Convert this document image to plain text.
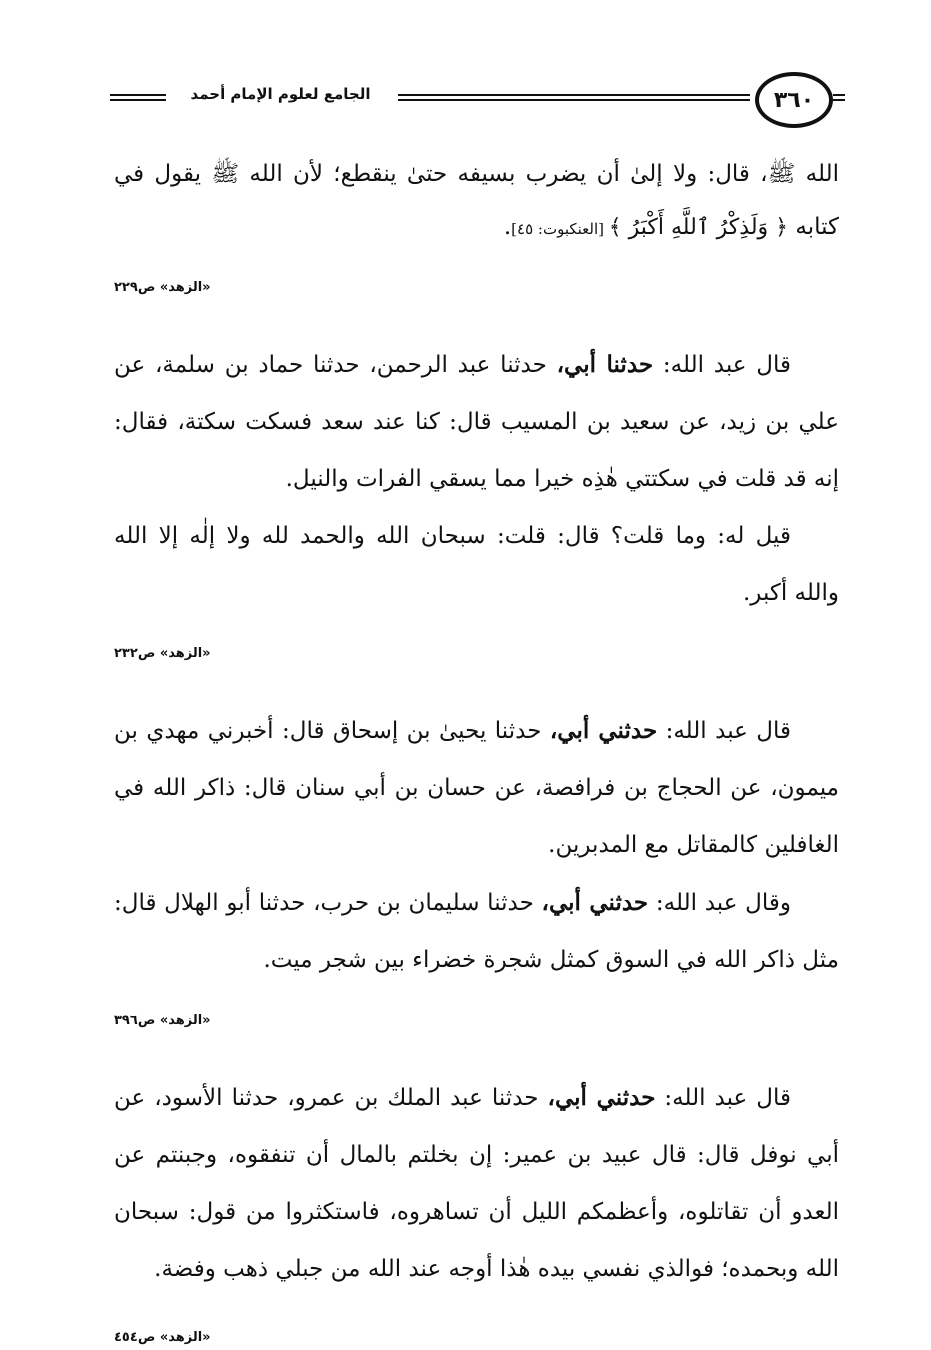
٣٦٠
الجامع لعلوم الإمام أحمد

الله ﷺ، قال: ولا إلىٰ أن يضرب بسيفه حتىٰ ينقطع؛ لأن الله ﷺ يقول في كتابه ﴿ وَلَذِكْرُ ٱللَّهِ أَكْبَرُ ﴾ [العنكبوت: ٤٥].

«الزهد» ص٢٢٩

قال عبد الله: حدثنا أبي، حدثنا عبد الرحمن، حدثنا حماد بن سلمة، عن علي بن زيد، عن سعيد بن المسيب قال: كنا عند سعد فسكت سكتة، فقال: إنه قد قلت في سكتتي هٰذِه خيرا مما يسقي الفرات والنيل.

قيل له: وما قلت؟ قال: قلت: سبحان الله والحمد لله ولا إلٰه إلا الله والله أكبر.

«الزهد» ص٢٣٢

قال عبد الله: حدثني أبي، حدثنا يحيىٰ بن إسحاق قال: أخبرني مهدي بن ميمون، عن الحجاج بن فرافصة، عن حسان بن أبي سنان قال: ذاكر الله في الغافلين كالمقاتل مع المدبرين.

وقال عبد الله: حدثني أبي، حدثنا سليمان بن حرب، حدثنا أبو الهلال قال: مثل ذاكر الله في السوق كمثل شجرة خضراء بين شجر ميت.

«الزهد» ص٣٩٦

قال عبد الله: حدثني أبي، حدثنا عبد الملك بن عمرو، حدثنا الأسود، عن أبي نوفل قال: قال عبيد بن عمير: إن بخلتم بالمال أن تنفقوه، وجبنتم عن العدو أن تقاتلوه، وأعظمكم الليل أن تساهروه، فاستكثروا من قول: سبحان الله وبحمده؛ فوالذي نفسي بيده هٰذا أوجه عند الله من جبلي ذهب وفضة.

«الزهد» ص٤٥٤
